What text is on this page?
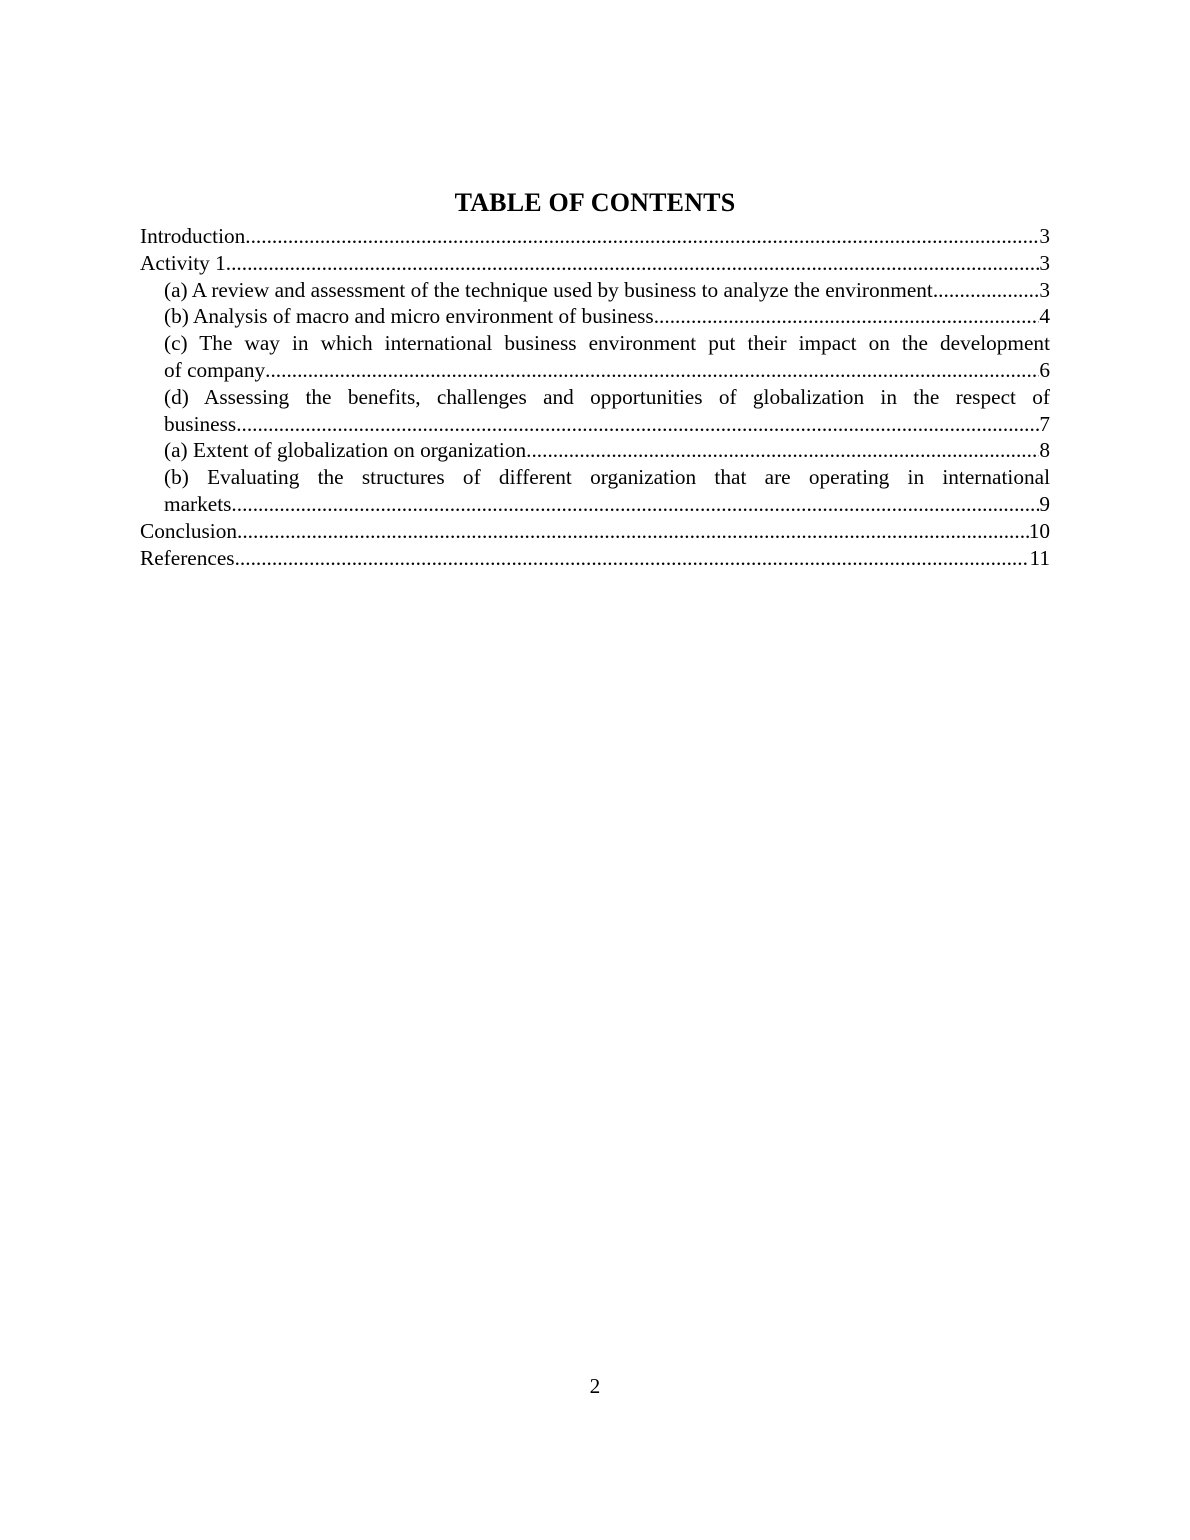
TABLE OF CONTENTS
Introduction .....	3
Activity 1 .....	3
(a) A review and assessment of the technique used by business to analyze the environment .....	3
(b) Analysis of macro and micro environment of business .....	4
(c) The way in which international business environment put their impact on the development
of company .....	6
(d) Assessing the benefits, challenges and opportunities of globalization in the respect of
business .....	7
(a) Extent of globalization on organization .....	8
(b) Evaluating the structures of different organization that are operating in international
markets .....	9
Conclusion .....	10
References .....	11
2
